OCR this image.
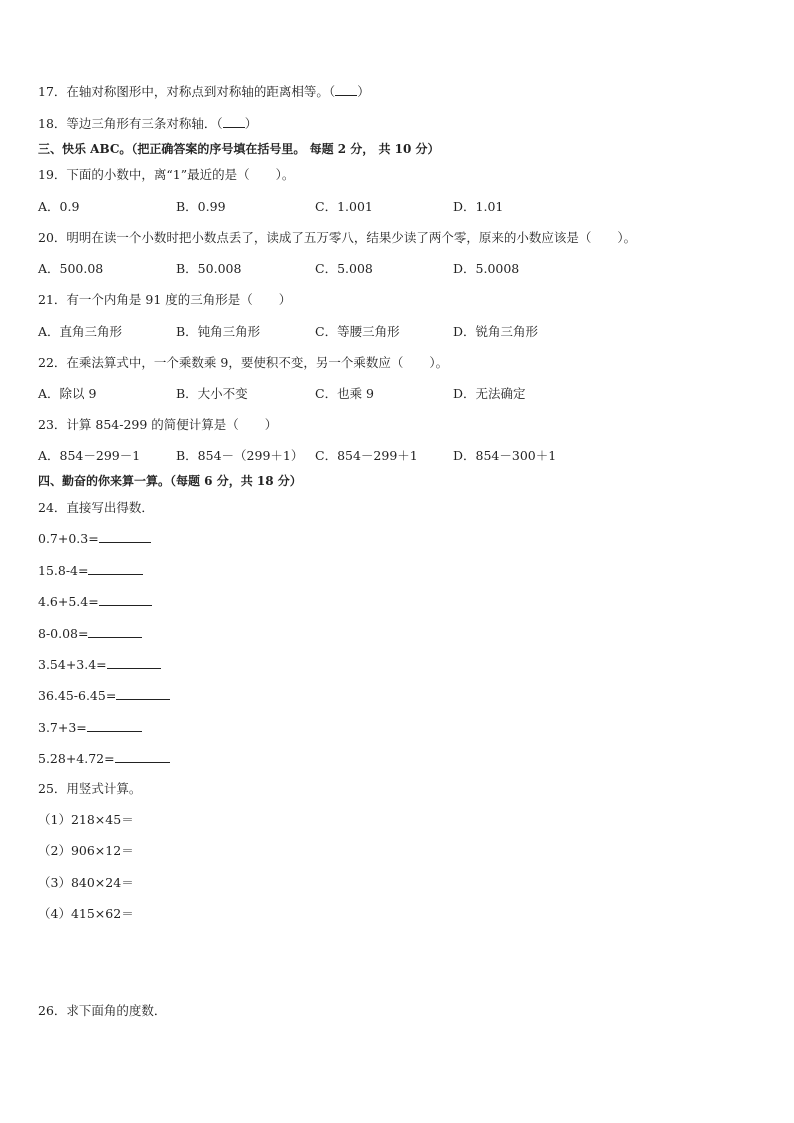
17．在轴对称图形中，对称点到对称轴的距离相等。（ ）
18．等边三角形有三条对称轴．（ ）
三、快乐 ABC。（把正确答案的序号填在括号里。 每题 2 分， 共 10 分）
19．下面的小数中，离“1”最近的是（ ）。
A．0.9	B．0.99	C．1.001	D．1.01
20．明明在读一个小数时把小数点丢了，读成了五万零八，结果少读了两个零，原来的小数应该是（ ）。
A．500.08	B．50.008	C．5.008	D．5.0008
21．有一个内角是 91 度的三角形是（ ）
A．直角三角形	B．钝角三角形	C．等腰三角形	D．锐角三角形
22．在乘法算式中，一个乘数乘 9，要使积不变，另一个乘数应（ ）。
A．除以 9	B．大小不变	C．也乘 9	D．无法确定
23．计算 854-299 的简便计算是（ ）
A．854－299－1	B．854－（299＋1） C．854－299＋1	D．854－300＋1
四、勤奋的你来算一算。（每题 6 分，共 18 分）
24．直接写出得数．
0.7+0.3=
15.8-4=
4.6+5.4=
8-0.08=
3.54+3.4=
36.45-6.45=
3.7+3=
5.28+4.72=
25．用竖式计算。
（1）218×45＝
（2）906×12＝
（3）840×24＝
（4）415×62＝
26．求下面角的度数．
